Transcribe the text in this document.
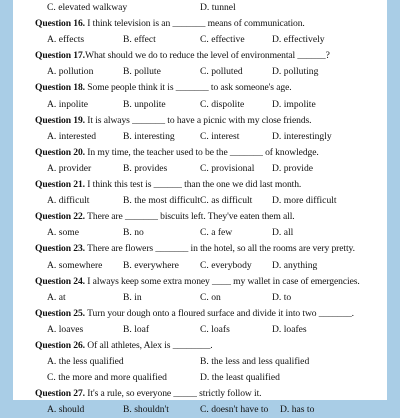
C. elevated walkway	D. tunnel
Question 16. I think television is an _______ means of communication.
A. effects	B. effect	C. effective	D. effectively
Question 17.What should we do to reduce the level of environmental ______?
A. pollution	B. pollute	C. polluted	D. polluting
Question 18. Some people think it is _______ to ask someone's age.
A. inpolite	B. unpolite	C. dispolite	D. impolite
Question 19. It is always _______ to have a picnic with my close friends.
A. interested	B. interesting	C. interest	D. interestingly
Question 20. In my time, the teacher used to be the _______ of knowledge.
A. provider	B. provides	C. provisional D. provide
Question 21. I think this test is ______ than the one we did last month.
A. difficult	B. the most difficult C. as difficult D. more difficult
Question 22. There are _______ biscuits left. They've eaten them all.
A. some	B. no	C. a few	D. all
Question 23. There are flowers _______ in the hotel, so all the rooms are very pretty.
A. somewhere B. everywhere C. everybody D. anything
Question 24. I always keep some extra money ____ my wallet in case of emergencies.
A. at	B. in	C. on	D. to
Question 25. Turn your dough onto a floured surface and divide it into two _______.
A. loaves	B. loaf	C. loafs	D. loafes
Question 26. Of all athletes, Alex is ________.
A. the less qualified	B. the less and less qualified
C. the more and more qualified	D. the least qualified
Question 27. It's a rule, so everyone _____ strictly follow it.
A. should	B. shouldn't	C. doesn't have to D. has to
